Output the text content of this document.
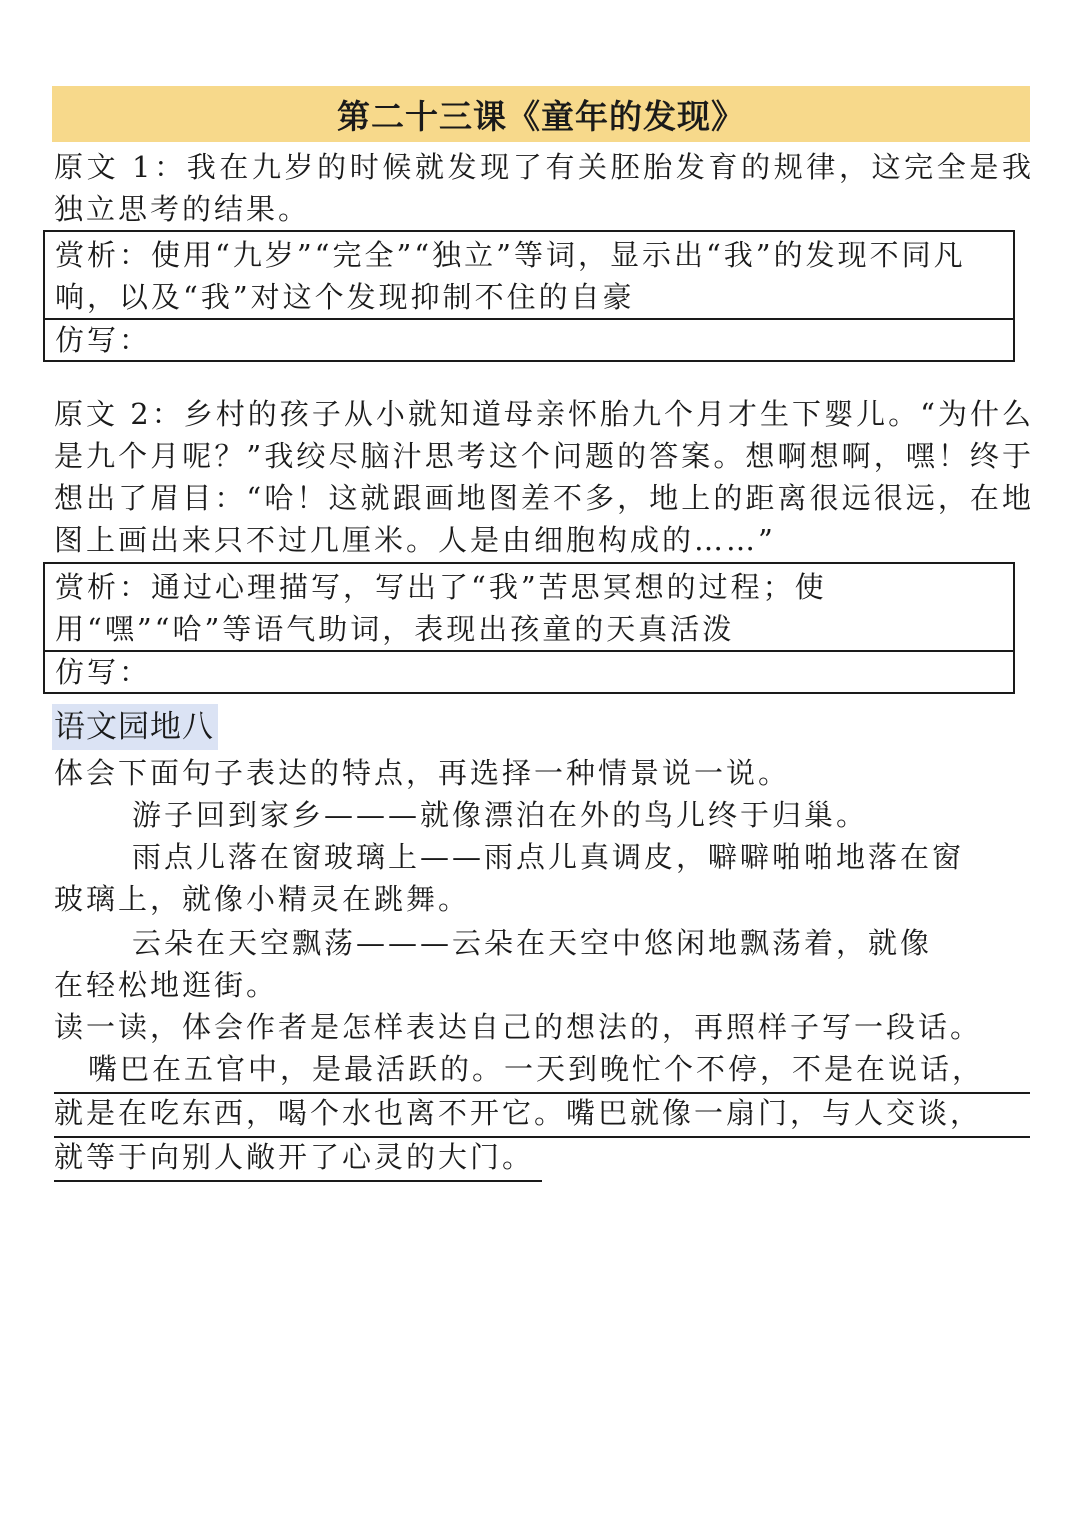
第二十三课《童年的发现》
原文 1：我在九岁的时候就发现了有关胚胎发育的规律，这完全是我独立思考的结果。
赏析：使用“九岁”“完全”“独立”等词，显示出“我”的发现不同凡响，以及“我”对这个发现抑制不住的自豪
仿写：
原文 2：乡村的孩子从小就知道母亲怀胎九个月才生下婴儿。“为什么是九个月呢？”我绞尽脑汁思考这个问题的答案。想啊想啊，嘿！终于想出了眉目：“哈！这就跟画地图差不多，地上的距离很远很远，在地图上画出来只不过几厘米。人是由细胞构成的……”
赏析：通过心理描写，写出了“我”苦思冥想的过程；使用“嘿”“哈”等语气助词，表现出孩童的天真活泼
仿写：
语文园地八
体会下面句子表达的特点，再选择一种情景说一说。
游子回到家乡———就像漂泊在外的鸟儿终于归巢。
雨点儿落在窗玻璃上——雨点儿真调皮，噼噼啪啪地落在窗
玻璃上，就像小精灵在跳舞。
云朵在天空飘荡———云朵在天空中悠闲地飘荡着，就像
在轻松地逛街。
读一读，体会作者是怎样表达自己的想法的，再照样子写一段话。
嘴巴在五官中，是最活跃的。一天到晚忙个不停，不是在说话，
就是在吃东西，喝个水也离不开它。嘴巴就像一扇门，与人交谈，
就等于向别人敞开了心灵的大门。
